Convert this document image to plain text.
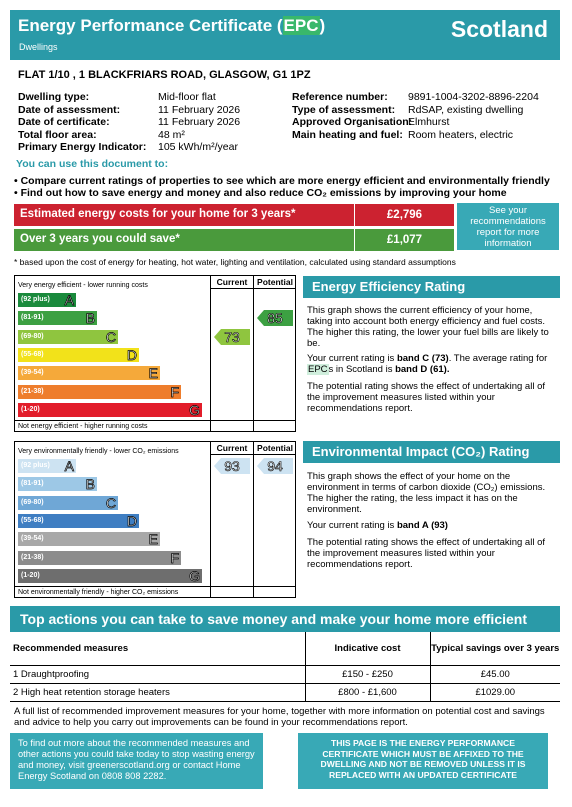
Energy Performance Certificate (EPC)
Dwellings
Scotland
FLAT 1/10 , 1 BLACKFRIARS ROAD, GLASGOW, G1 1PZ
Dwelling type:	Mid-floor flat
Date of assessment:	11 February 2026
Date of certificate:	11 February 2026
Total floor area:	48 m²
Primary Energy Indicator: 105 kWh/m²/year
Reference number: 9891-1004-3202-8896-2204
Type of assessment: RdSAP, existing dwelling
Approved Organisation:
Elmhurst
Main heating and fuel: Room heaters, electric
You can use this document to:
• Compare current ratings of properties to see which are more energy efficient and environmentally friendly
• Find out how to save energy and money and also reduce CO₂ emissions by improving your home
Estimated energy costs for your home for 3 years*	£2,796
Over 3 years you could save*	£1,077
See your recommendations report for more information
* based upon the cost of energy for heating, hot water, lighting and ventilation, calculated using standard assumptions
Current	Potential
Very energy efficient - lower running costs
Not energy efficient - higher running costs
(92 plus) A
(81-91)	B
(69-80)	C
(55-68)	D
(39-54)	E
(21-38)	F
(1-20)	G
73
85
Current	Potential
Very environmentally friendly - lower CO₂ emissions
Not environmentally friendly - higher CO₂ emissions
(92 plus) A
(81-91)	B
(69-80)	C
(55-68)	D
(39-54)	E
(21-38)	F
(1-20)	G
93	94
Energy Efficiency Rating
This graph shows the current efficiency of your home, taking into account both energy efficiency and fuel costs. The higher this rating, the lower your fuel bills are likely to be.
Your current rating is band C (73). The average rating for EPCs in Scotland is band D (61).
The potential rating shows the effect of undertaking all of the improvement measures listed within your recommendations report.
Environmental Impact (CO₂) Rating
This graph shows the effect of your home on the environment in terms of carbon dioxide (CO₂) emissions. The higher the rating, the less impact it has on the environment.
Your current rating is band A (93)
The potential rating shows the effect of undertaking all of the improvement measures listed within your recommendations report.
Top actions you can take to save money and make your home more efficient
Recommended measures	Indicative cost	Typical savings over 3 years
1 Draughtproofing	£150 - £250	£45.00
2 High heat retention storage heaters	£800 - £1,600	£1029.00
A full list of recommended improvement measures for your home, together with more information on potential cost and savings and advice to help you carry out improvements can be found in your recommendations report.
To find out more about the recommended measures and other actions you could take today to stop wasting energy and money, visit greenerscotland.org or contact Home Energy Scotland on 0808 808 2282.
THIS PAGE IS THE ENERGY PERFORMANCE CERTIFICATE WHICH MUST BE AFFIXED TO THE DWELLING AND NOT BE REMOVED UNLESS IT IS REPLACED WITH AN UPDATED CERTIFICATE
